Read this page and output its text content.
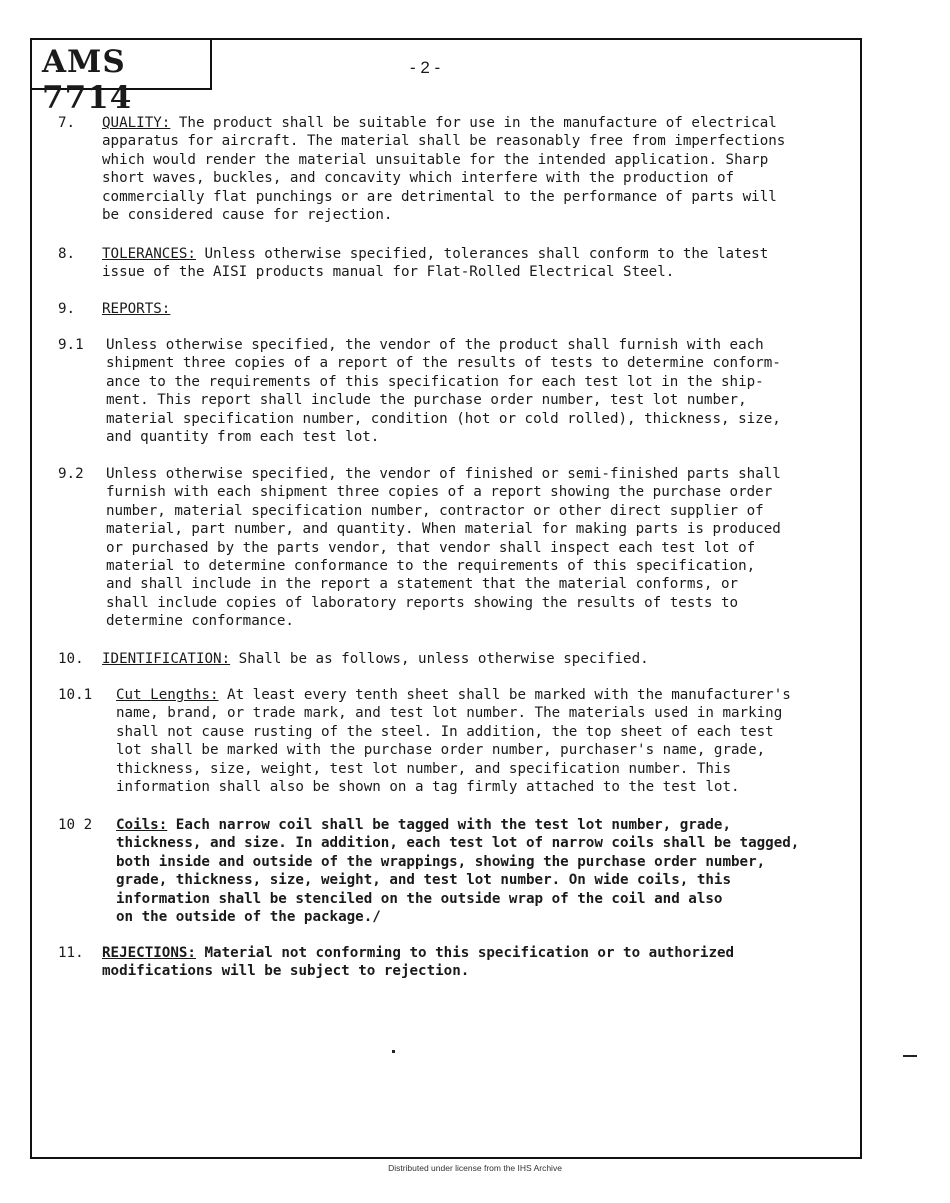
AMS 7714
- 2 -
7. QUALITY: The product shall be suitable for use in the manufacture of electrical
apparatus for aircraft. The material shall be reasonably free from imperfections
which would render the material unsuitable for the intended application. Sharp
short waves, buckles, and concavity which interfere with the production of
commercially flat punchings or are detrimental to the performance of parts will
be considered cause for rejection.
8. TOLERANCES: Unless otherwise specified, tolerances shall conform to the latest
issue of the AISI products manual for Flat-Rolled Electrical Steel.
9. REPORTS:
9.1 Unless otherwise specified, the vendor of the product shall furnish with each
shipment three copies of a report of the results of tests to determine conform-
ance to the requirements of this specification for each test lot in the ship-
ment. This report shall include the purchase order number, test lot number,
material specification number, condition (hot or cold rolled), thickness, size,
and quantity from each test lot.
9.2 Unless otherwise specified, the vendor of finished or semi-finished parts shall
furnish with each shipment three copies of a report showing the purchase order
number, material specification number, contractor or other direct supplier of
material, part number, and quantity. When material for making parts is produced
or purchased by the parts vendor, that vendor shall inspect each test lot of
material to determine conformance to the requirements of this specification,
and shall include in the report a statement that the material conforms, or
shall include copies of laboratory reports showing the results of tests to
determine conformance.
10. IDENTIFICATION: Shall be as follows, unless otherwise specified.
10.1 Cut Lengths: At least every tenth sheet shall be marked with the manufacturer's
name, brand, or trade mark, and test lot number. The materials used in marking
shall not cause rusting of the steel. In addition, the top sheet of each test
lot shall be marked with the purchase order number, purchaser's name, grade,
thickness, size, weight, test lot number, and specification number. This
information shall also be shown on a tag firmly attached to the test lot.
10 2 Coils: Each narrow coil shall be tagged with the test lot number, grade,
thickness, and size. In addition, each test lot of narrow coils shall be tagged,
both inside and outside of the wrappings, showing the purchase order number,
grade, thickness, size, weight, and test lot number. On wide coils, this
information shall be stenciled on the outside wrap of the coil and also
on the outside of the package./
11. REJECTIONS: Material not conforming to this specification or to authorized
modifications will be subject to rejection.
Distributed under license from the IHS Archive
